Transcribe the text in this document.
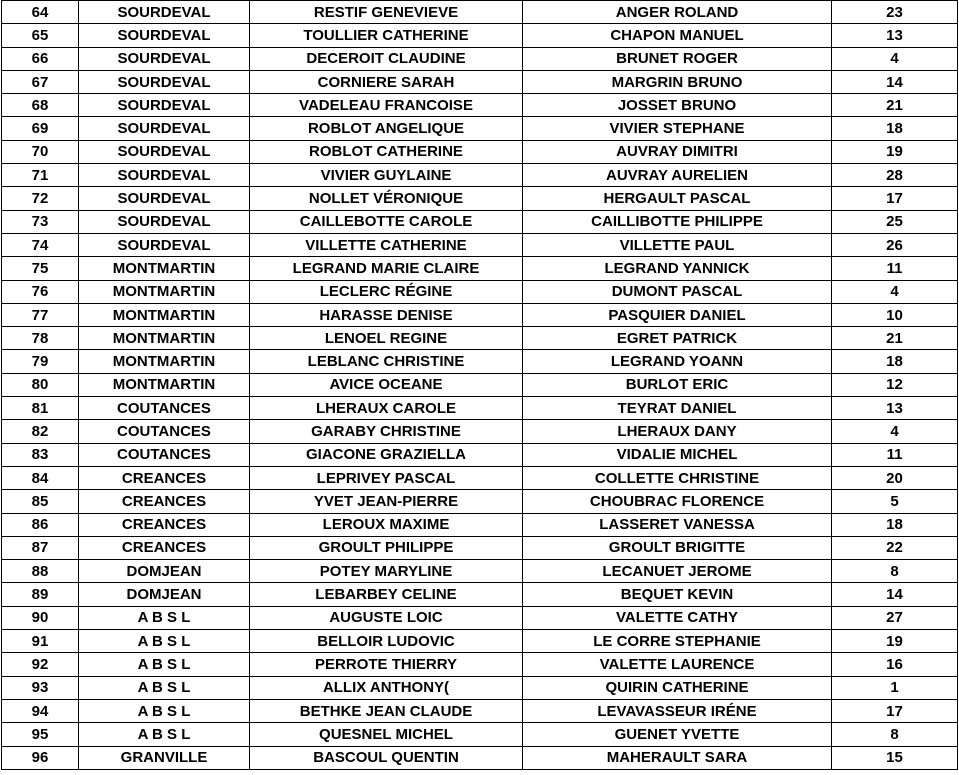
64	SOURDEVAL	RESTIF GENEVIEVE	ANGER ROLAND	23
65	SOURDEVAL	TOULLIER CATHERINE	CHAPON MANUEL	13
66	SOURDEVAL	DECEROIT CLAUDINE	BRUNET ROGER	4
67	SOURDEVAL	CORNIERE SARAH	MARGRIN BRUNO	14
68	SOURDEVAL	VADELEAU FRANCOISE	JOSSET BRUNO	21
69	SOURDEVAL	ROBLOT ANGELIQUE	VIVIER STEPHANE	18
70	SOURDEVAL	ROBLOT CATHERINE	AUVRAY DIMITRI	19
71	SOURDEVAL	VIVIER GUYLAINE	AUVRAY AURELIEN	28
72	SOURDEVAL	NOLLET VÉRONIQUE	HERGAULT PASCAL	17
73	SOURDEVAL	CAILLEBOTTE CAROLE	CAILLIBOTTE PHILIPPE	25
74	SOURDEVAL	VILLETTE CATHERINE	VILLETTE PAUL	26
75	MONTMARTIN	LEGRAND MARIE CLAIRE	LEGRAND YANNICK	11
76	MONTMARTIN	LECLERC RÉGINE	DUMONT PASCAL	4
77	MONTMARTIN	HARASSE DENISE	PASQUIER DANIEL	10
78	MONTMARTIN	LENOEL REGINE	EGRET PATRICK	21
79	MONTMARTIN	LEBLANC CHRISTINE	LEGRAND YOANN	18
80	MONTMARTIN	AVICE OCEANE	BURLOT ERIC	12
81	COUTANCES	LHERAUX CAROLE	TEYRAT DANIEL	13
82	COUTANCES	GARABY CHRISTINE	LHERAUX DANY	4
83	COUTANCES	GIACONE GRAZIELLA	VIDALIE MICHEL	11
84	CREANCES	LEPRIVEY PASCAL	COLLETTE CHRISTINE	20
85	CREANCES	YVET JEAN-PIERRE	CHOUBRAC FLORENCE	5
86	CREANCES	LEROUX MAXIME	LASSERET VANESSA	18
87	CREANCES	GROULT PHILIPPE	GROULT BRIGITTE	22
88	DOMJEAN	POTEY MARYLINE	LECANUET JEROME	8
89	DOMJEAN	LEBARBEY CELINE	BEQUET KEVIN	14
90	A B S L	AUGUSTE LOIC	VALETTE CATHY	27
91	A B S L	BELLOIR LUDOVIC	LE CORRE STEPHANIE	19
92	A B S L	PERROTE THIERRY	VALETTE LAURENCE	16
93	A B S L	ALLIX ANTHONY(	QUIRIN CATHERINE	1
94	A B S L	BETHKE JEAN CLAUDE	LEVAVASSEUR IRÉNE	17
95	A B S L	QUESNEL MICHEL	GUENET YVETTE	8
96	GRANVILLE	BASCOUL QUENTIN	MAHERAULT SARA	15
